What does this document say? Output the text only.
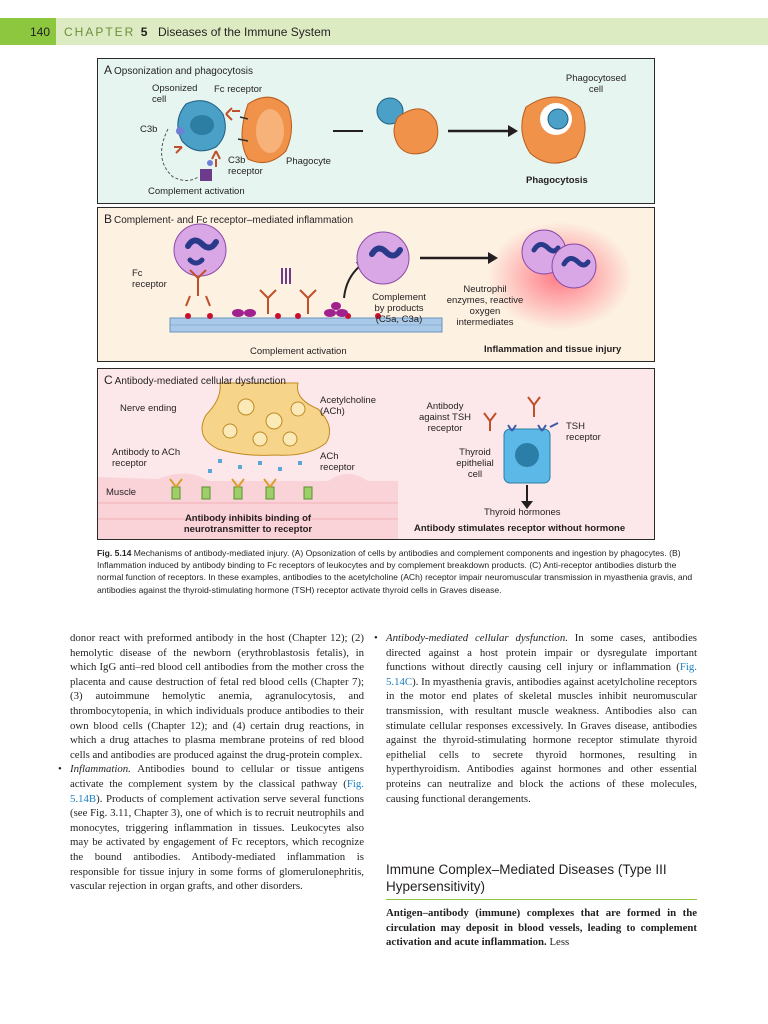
140 CHAPTER 5 Diseases of the Immune System
A Opsonization and phagocytosis
Opsonized cell
Fc receptor
C3b
C3b receptor
Phagocyte
Complement activation
Phagocytosed cell
Phagocytosis
B Complement- and Fc receptor–mediated inflammation
Fc receptor
Complement by products (C5a, C3a)
Neutrophil enzymes, reactive oxygen intermediates
Complement activation	Inflammation and tissue injury
C Antibody-mediated cellular dysfunction
Nerve ending
Acetylcholine (ACh)
Antibody to ACh receptor
ACh receptor
Muscle
Antibody inhibits binding of neurotransmitter to receptor
Antibody against TSH receptor	TSH receptor
Thyroid epithelial cell
Thyroid hormones
Antibody stimulates receptor without hormone
Fig. 5.14 Mechanisms of antibody-mediated injury. (A) Opsonization of cells by antibodies and complement components and ingestion by phagocytes. (B) Inflammation induced by antibody binding to Fc receptors of leukocytes and by complement breakdown products. (C) Anti-receptor antibodies disturb the normal function of receptors. In these examples, antibodies to the acetylcholine (ACh) receptor impair neuromuscular transmission in myasthenia gravis, and antibodies against the thyroid-stimulating hormone (TSH) receptor activate thyroid cells in Graves disease.

donor react with preformed antibody in the host (Chapter 12); (2) hemolytic disease of the newborn (erythroblastosis fetalis), in which IgG anti–red blood cell antibodies from the mother cross the placenta and cause destruction of fetal red blood cells (Chapter 7); (3) autoimmune hemolytic anemia, agranulocytosis, and thrombocytopenia, in which individuals produce antibodies to their own blood cells (Chapter 12); and (4) certain drug reactions, in which a drug attaches to plasma membrane proteins of red blood cells and antibodies are produced against the drug-protein complex.

• Inflammation. Antibodies bound to cellular or tissue antigens activate the complement system by the classical pathway (Fig. 5.14B). Products of complement activation serve several functions (see Fig. 3.11, Chapter 3), one of which is to recruit neutrophils and monocytes, triggering inflammation in tissues. Leukocytes also may be activated by engagement of Fc receptors, which recognize the bound antibodies. Antibody-mediated inflammation is responsible for tissue injury in some forms of glomerulonephritis, vascular rejection in organ grafts, and other disorders.

• Antibody-mediated cellular dysfunction. In some cases, antibodies directed against a host protein impair or dysregulate important functions without directly causing cell injury or inflammation (Fig. 5.14C). In myasthenia gravis, antibodies against acetylcholine receptors in the motor end plates of skeletal muscles inhibit neuromuscular transmission, with resultant muscle weakness. Antibodies also can stimulate cellular responses excessively. In Graves disease, antibodies against the thyroid-stimulating hormone receptor stimulate thyroid epithelial cells to secrete thyroid hormones, resulting in hyperthyroidism. Antibodies against hormones and other essential proteins can neutralize and block the actions of these molecules, causing functional derangements.

Immune Complex–Mediated Diseases (Type III Hypersensitivity)
Antigen–antibody (immune) complexes that are formed in the circulation may deposit in blood vessels, leading to complement activation and acute inflammation. Less
